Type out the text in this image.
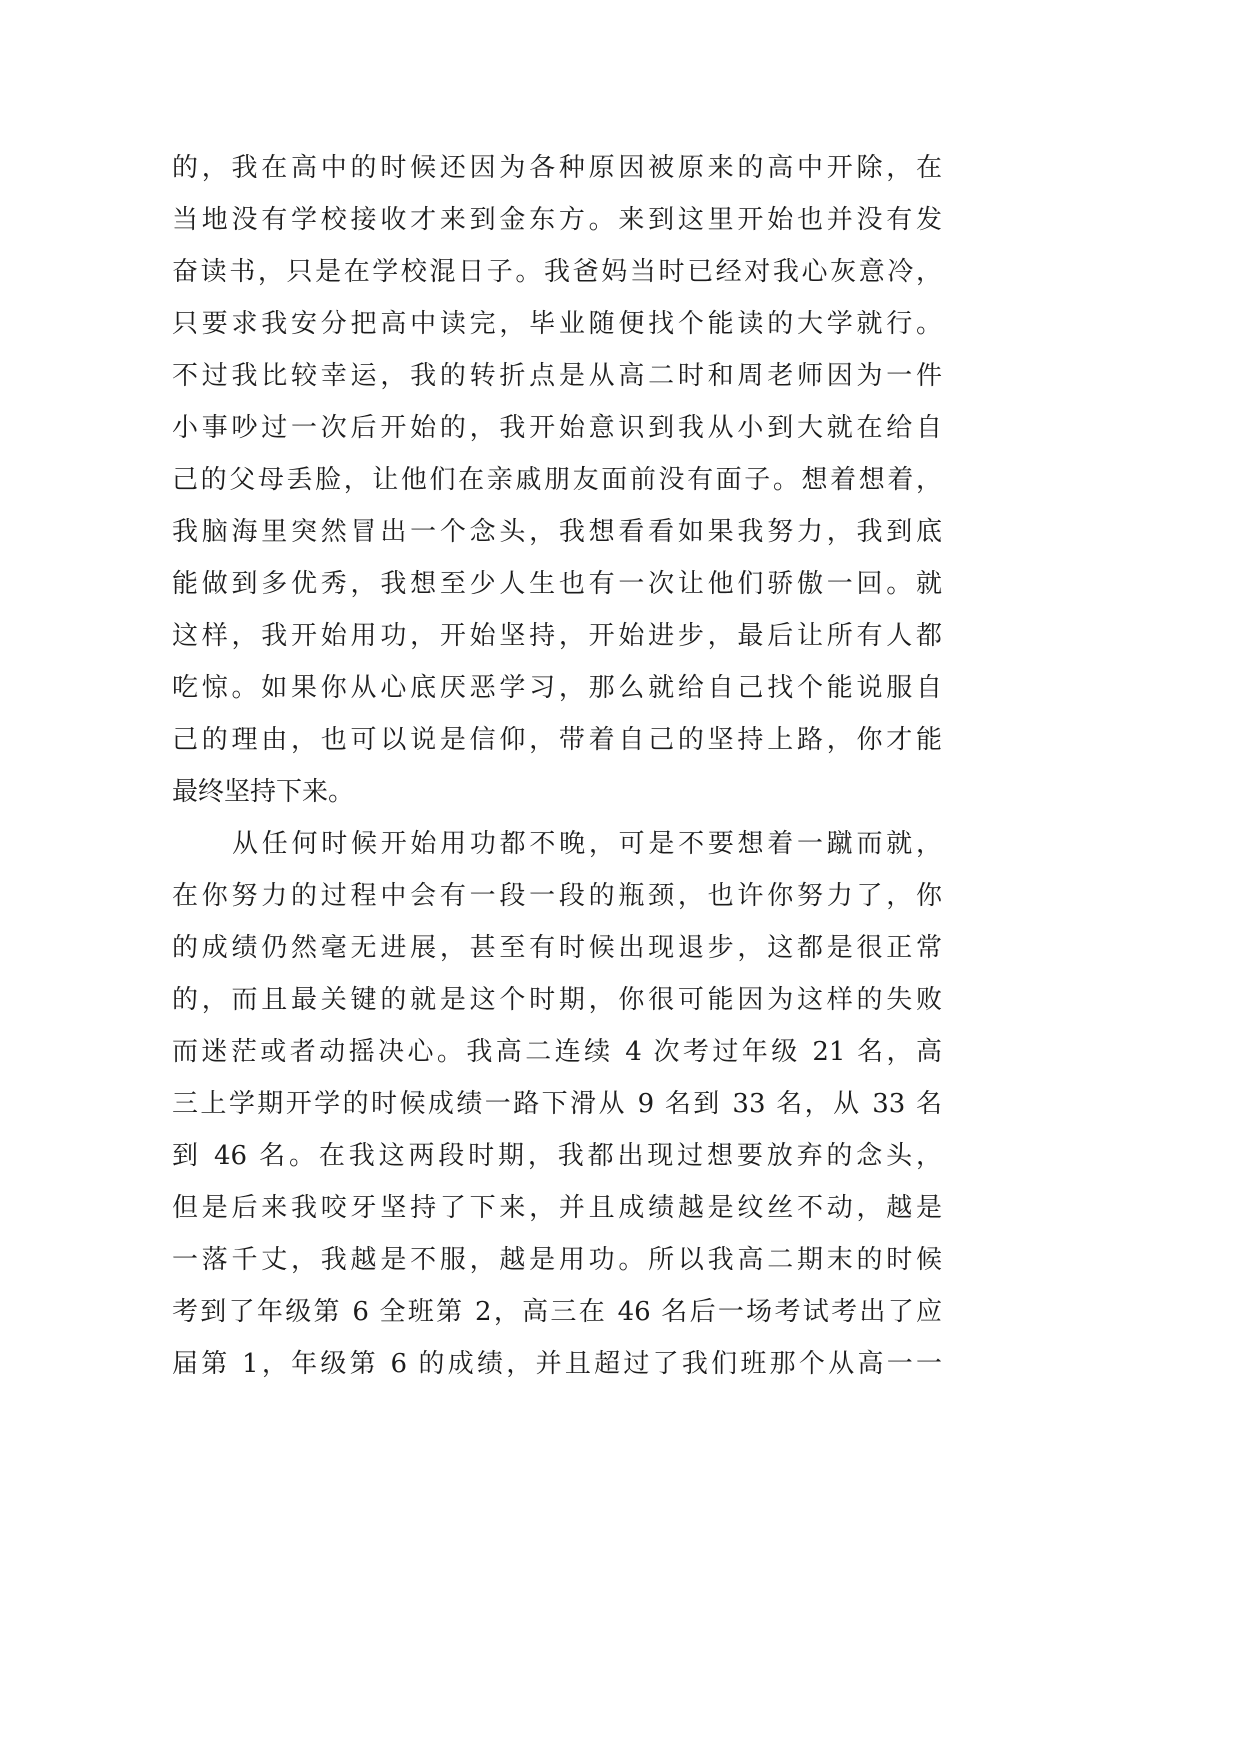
的，我在高中的时候还因为各种原因被原来的高中开除，在
当地没有学校接收才来到金东方。来到这里开始也并没有发
奋读书，只是在学校混日子。我爸妈当时已经对我心灰意冷，
只要求我安分把高中读完，毕业随便找个能读的大学就行。
不过我比较幸运，我的转折点是从高二时和周老师因为一件
小事吵过一次后开始的，我开始意识到我从小到大就在给自
己的父母丢脸，让他们在亲戚朋友面前没有面子。想着想着，
我脑海里突然冒出一个念头，我想看看如果我努力，我到底
能做到多优秀，我想至少人生也有一次让他们骄傲一回。就
这样，我开始用功，开始坚持，开始进步，最后让所有人都
吃惊。如果你从心底厌恶学习，那么就给自己找个能说服自
己的理由，也可以说是信仰，带着自己的坚持上路，你才能
最终坚持下来。
从任何时候开始用功都不晚，可是不要想着一蹴而就，
在你努力的过程中会有一段一段的瓶颈，也许你努力了，你
的成绩仍然毫无进展，甚至有时候出现退步，这都是很正常
的，而且最关键的就是这个时期，你很可能因为这样的失败
而迷茫或者动摇决心。我高二连续 4 次考过年级 21 名，高
三上学期开学的时候成绩一路下滑从 9 名到 33 名，从 33 名
到 46 名。在我这两段时期，我都出现过想要放弃的念头，
但是后来我咬牙坚持了下来，并且成绩越是纹丝不动，越是
一落千丈，我越是不服，越是用功。所以我高二期末的时候
考到了年级第 6 全班第 2，高三在 46 名后一场考试考出了应
届第 1，年级第 6 的成绩，并且超过了我们班那个从高一一
